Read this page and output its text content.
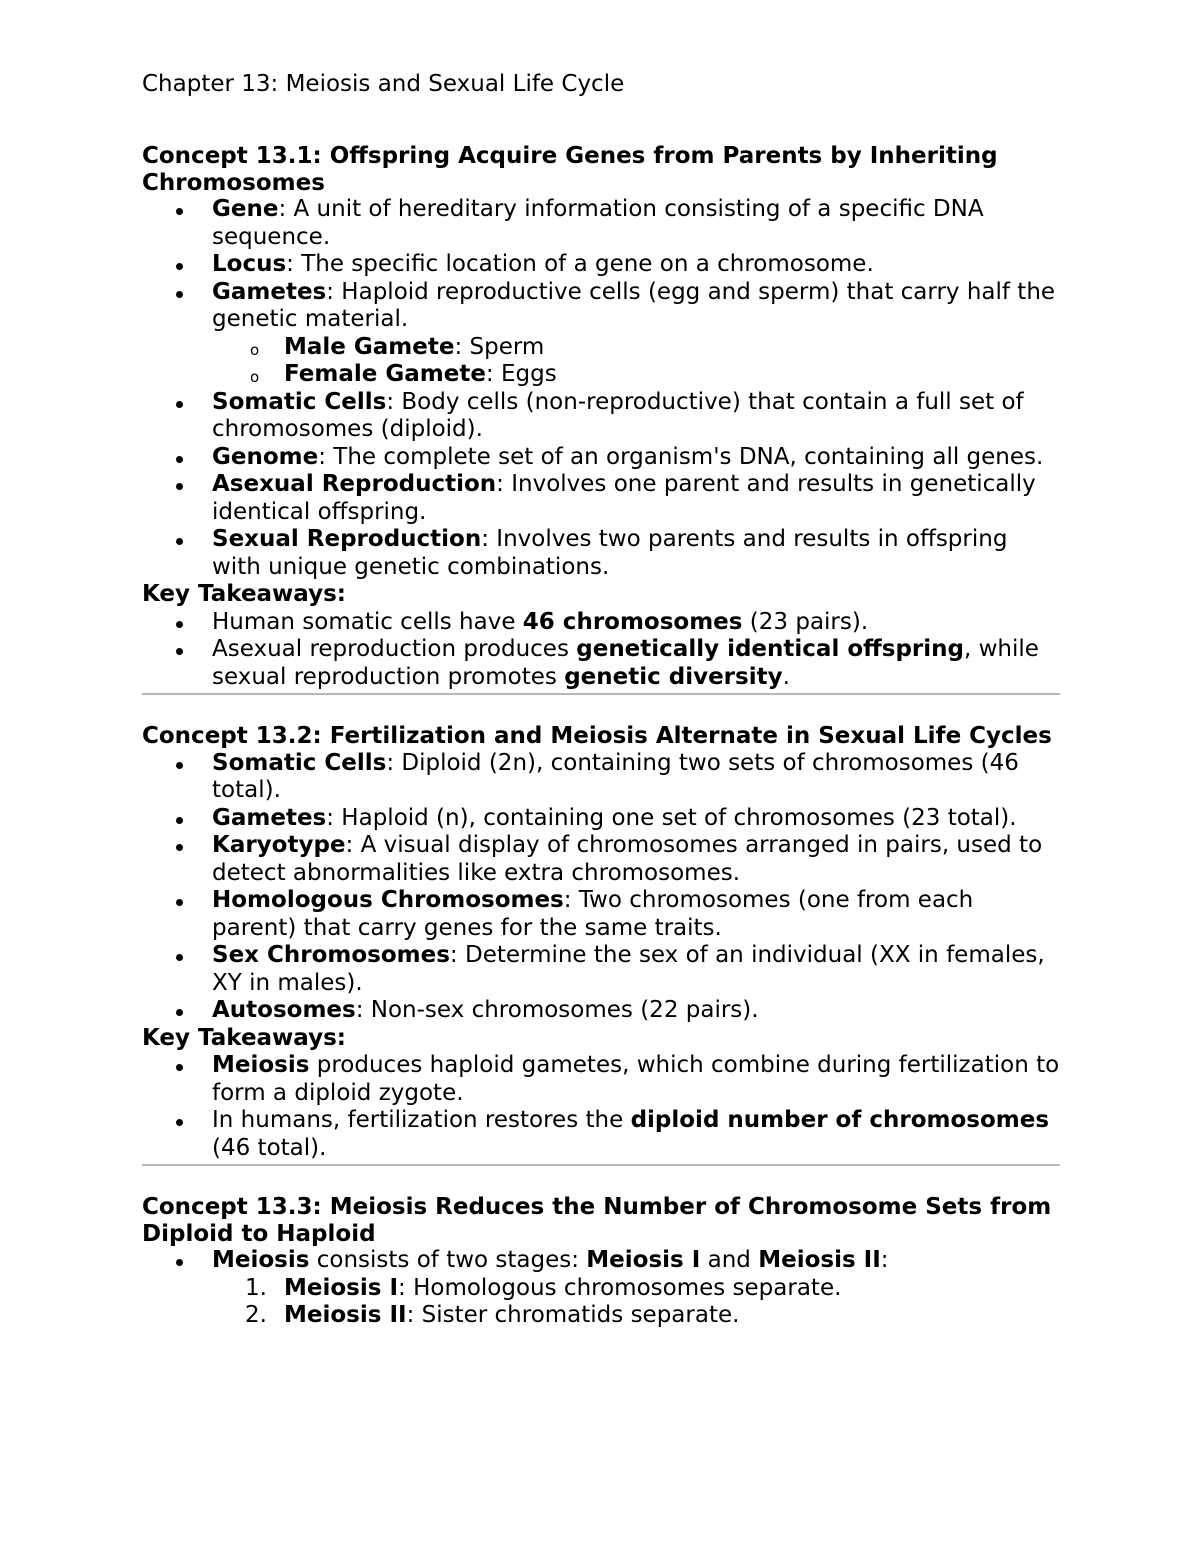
Chapter 13: Meiosis and Sexual Life Cycle
Concept 13.1: Offspring Acquire Genes from Parents by Inheriting Chromosomes
Gene: A unit of hereditary information consisting of a specific DNA sequence.
Locus: The specific location of a gene on a chromosome.
Gametes: Haploid reproductive cells (egg and sperm) that carry half the genetic material.
o Male Gamete: Sperm
o Female Gamete: Eggs
Somatic Cells: Body cells (non-reproductive) that contain a full set of chromosomes (diploid).
Genome: The complete set of an organism's DNA, containing all genes.
Asexual Reproduction: Involves one parent and results in genetically identical offspring.
Sexual Reproduction: Involves two parents and results in offspring with unique genetic combinations.
Key Takeaways:
Human somatic cells have 46 chromosomes (23 pairs).
Asexual reproduction produces genetically identical offspring, while sexual reproduction promotes genetic diversity.
Concept 13.2: Fertilization and Meiosis Alternate in Sexual Life Cycles
Somatic Cells: Diploid (2n), containing two sets of chromosomes (46 total).
Gametes: Haploid (n), containing one set of chromosomes (23 total).
Karyotype: A visual display of chromosomes arranged in pairs, used to detect abnormalities like extra chromosomes.
Homologous Chromosomes: Two chromosomes (one from each parent) that carry genes for the same traits.
Sex Chromosomes: Determine the sex of an individual (XX in females, XY in males).
Autosomes: Non-sex chromosomes (22 pairs).
Key Takeaways:
Meiosis produces haploid gametes, which combine during fertilization to form a diploid zygote.
In humans, fertilization restores the diploid number of chromosomes (46 total).
Concept 13.3: Meiosis Reduces the Number of Chromosome Sets from Diploid to Haploid
Meiosis consists of two stages: Meiosis I and Meiosis II:
1. Meiosis I: Homologous chromosomes separate.
2. Meiosis II: Sister chromatids separate.
